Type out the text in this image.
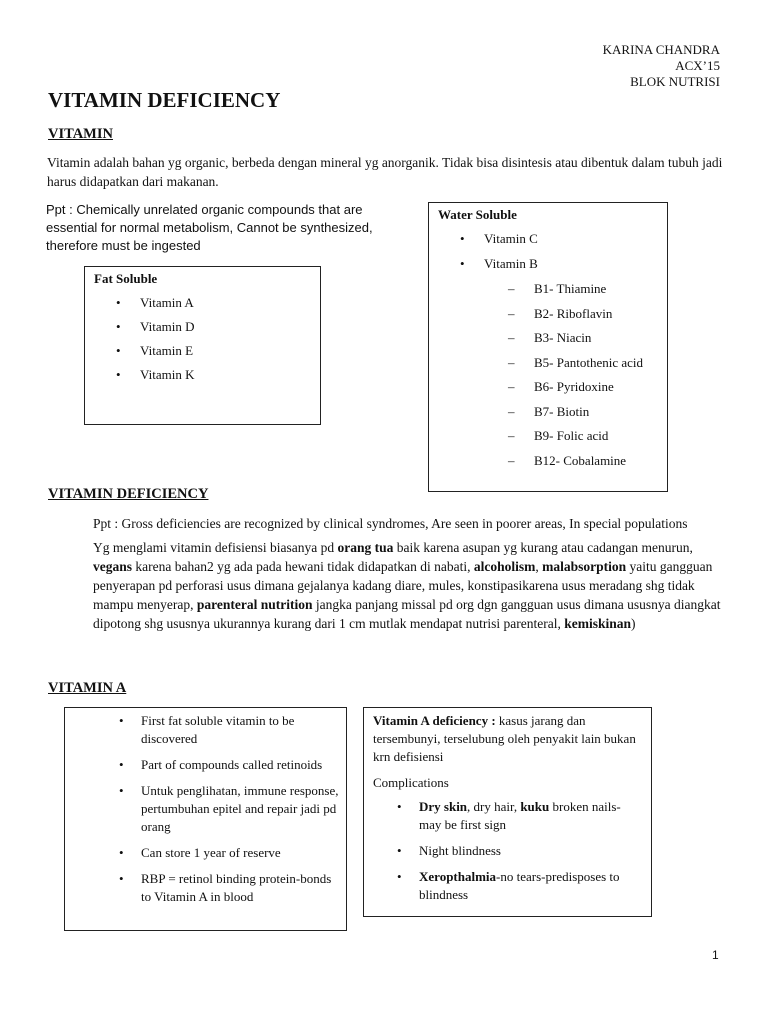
KARINA CHANDRA
ACX’15
BLOK NUTRISI
VITAMIN DEFICIENCY
VITAMIN
Vitamin adalah bahan yg organic, berbeda dengan mineral yg anorganik. Tidak bisa disintesis atau dibentuk dalam tubuh jadi harus didapatkan dari makanan.
Ppt : Chemically unrelated organic compounds that are essential for normal metabolism, Cannot be synthesized, therefore must be ingested
Fat Soluble
• Vitamin A
• Vitamin D
• Vitamin E
• Vitamin K
Water Soluble
• Vitamin C
• Vitamin B
– B1- Thiamine
– B2- Riboflavin
– B3- Niacin
– B5- Pantothenic acid
– B6- Pyridoxine
– B7- Biotin
– B9- Folic acid
– B12- Cobalamine
VITAMIN DEFICIENCY
Ppt : Gross deficiencies are recognized by clinical syndromes, Are seen in poorer areas, In special populations
Yg menglami vitamin defisiensi biasanya pd orang tua baik karena asupan yg kurang atau cadangan menurun, vegans karena bahan2 yg ada pada hewani tidak didapatkan di nabati, alcoholism, malabsorption yaitu gangguan penyerapan pd perforasi usus dimana gejalanya kadang diare, mules, konstipasikarena usus meradang shg tidak mampu menyerap, parenteral nutrition jangka panjang missal pd org dgn gangguan usus dimana ususnya diangkat dipotong shg ususnya ukurannya kurang dari 1 cm mutlak mendapat nutrisi parenteral, kemiskinan)
VITAMIN A
• First fat soluble vitamin to be discovered
• Part of compounds called retinoids
• Untuk penglihatan, immune response, pertumbuhan epitel and repair jadi pd orang
• Can store 1 year of reserve
• RBP = retinol binding protein-bonds to Vitamin A in blood
Vitamin A deficiency : kasus jarang dan tersembunyi, terselubung oleh penyakit lain bukan krn defisiensi
Complications
• Dry skin, dry hair, kuku broken nails-may be first sign
• Night blindness
• Xeropthalmia-no tears-predisposes to blindness
1
